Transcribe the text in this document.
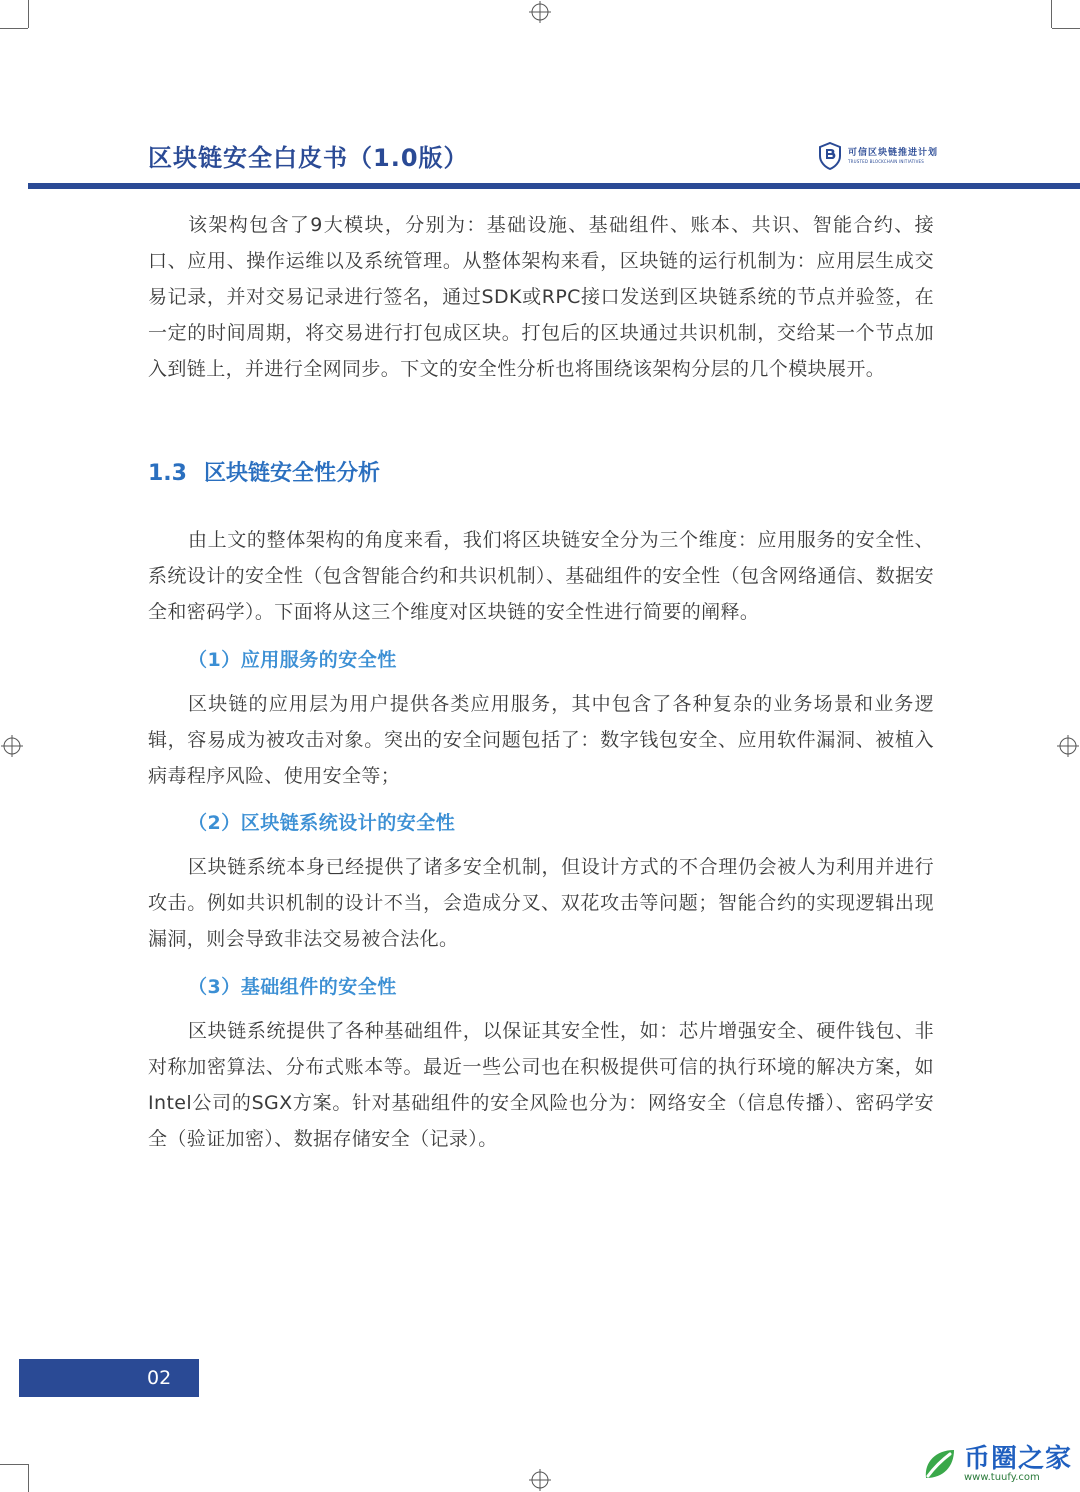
区块链安全白皮书（1.0版）	可信区块链推进计划
TRUSTED BLOCKCHAIN INITIATIVES

该架构包含了9大模块，分别为：基础设施、基础组件、账本、共识、智能合约、接口、应用、操作运维以及系统管理。从整体架构来看，区块链的运行机制为：应用层生成交易记录，并对交易记录进行签名，通过SDK或RPC接口发送到区块链系统的节点并验签，在一定的时间周期，将交易进行打包成区块。打包后的区块通过共识机制，交给某一个节点加入到链上，并进行全网同步。下文的安全性分析也将围绕该架构分层的几个模块展开。

1.3 区块链安全性分析

由上文的整体架构的角度来看，我们将区块链安全分为三个维度：应用服务的安全性、系统设计的安全性（包含智能合约和共识机制）、基础组件的安全性（包含网络通信、数据安全和密码学）。下面将从这三个维度对区块链的安全性进行简要的阐释。

（1）应用服务的安全性

区块链的应用层为用户提供各类应用服务，其中包含了各种复杂的业务场景和业务逻辑，容易成为被攻击对象。突出的安全问题包括了：数字钱包安全、应用软件漏洞、被植入病毒程序风险、使用安全等；

（2）区块链系统设计的安全性

区块链系统本身已经提供了诸多安全机制，但设计方式的不合理仍会被人为利用并进行攻击。例如共识机制的设计不当，会造成分叉、双花攻击等问题；智能合约的实现逻辑出现漏洞，则会导致非法交易被合法化。

（3）基础组件的安全性

区块链系统提供了各种基础组件，以保证其安全性，如：芯片增强安全、硬件钱包、非对称加密算法、分布式账本等。最近一些公司也在积极提供可信的执行环境的解决方案，如Intel公司的SGX方案。针对基础组件的安全风险也分为：网络安全（信息传播）、密码学安全（验证加密）、数据存储安全（记录）。

02
币圈之家
www.tuufy.com
